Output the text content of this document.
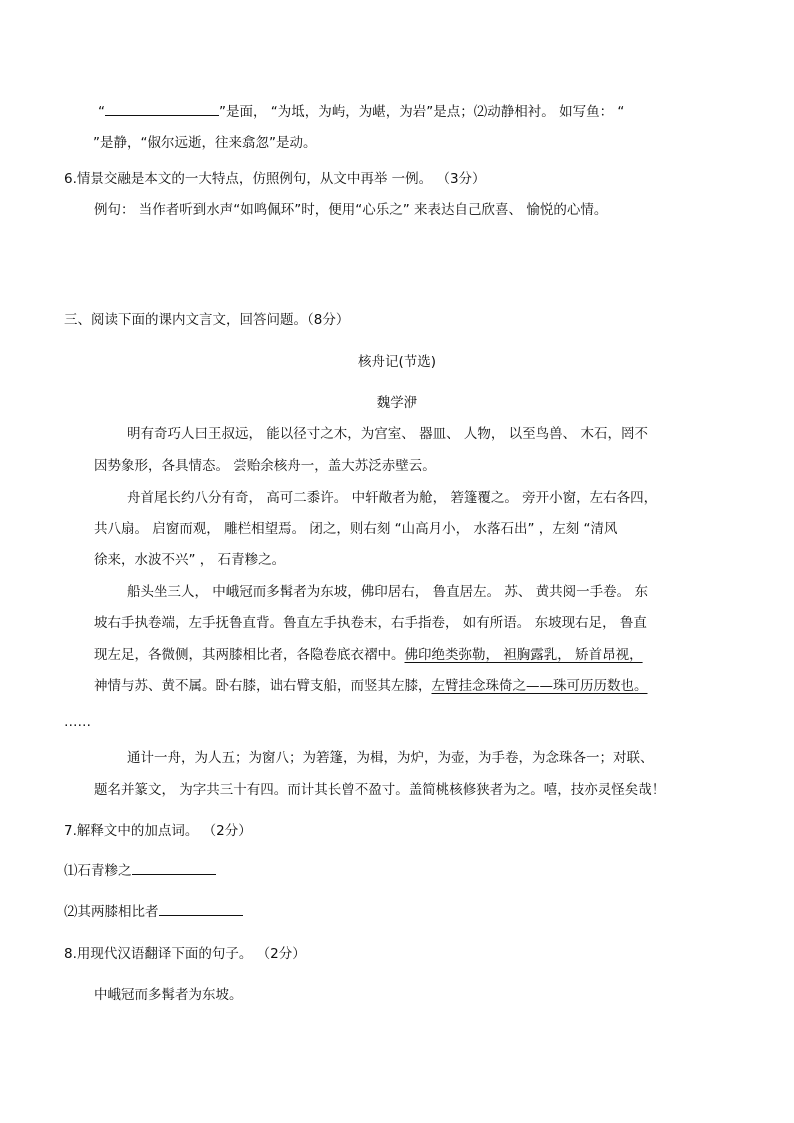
“	”是面， “为坻，为屿，为嵁，为岩”是点；⑵动静相衬。 如写鱼： “
”是静，“俶尔远逝，往来翕忽”是动。
6.情景交融是本文的一大特点，仿照例句，从文中再举 一例。 （3分）
例句： 当作者听到水声“如鸣佩环”时，便用“心乐之” 来表达自己欣喜、 愉悦的心情。
三、阅读下面的课内文言文，回答问题。（8分）
核舟记(节选)
魏学洢
明有奇巧人曰王叔远， 能以径寸之木，为宫室、 器皿、 人物， 以至鸟兽、 木石，罔不
因势象形，各具情态。 尝贻余核舟一，盖大苏泛赤壁云。
舟首尾长约八分有奇， 高可二黍许。 中轩敞者为舱， 箬篷覆之。 旁开小窗，左右各四，
共八扇。 启窗而观， 雕栏相望焉。 闭之，则右刻 “山高月小， 水落石出” ，左刻 “清风
徐来，水波不兴” ， 石青糁之。
船头坐三人， 中峨冠而多髯者为东坡，佛印居右， 鲁直居左。 苏、 黄共阅一手卷。 东
坡右手执卷端，左手抚鲁直背。鲁直左手执卷末，右手指卷， 如有所语。 东坡现右足， 鲁直
现左足，各微侧，其两膝相比者，各隐卷底衣褶中。佛印绝类弥勒， 袒胸露乳， 矫首昂视，
神情与苏、黄不属。卧右膝，诎右臂支船，而竖其左膝，左臂挂念珠倚之——珠可历历数也。
……
通计一舟，为人五；为窗八；为箬篷，为楫，为炉，为壶，为手卷，为念珠各一；对联、
题名并篆文， 为字共三十有四。而计其长曾不盈寸。盖简桃核修狭者为之。嘻，技亦灵怪矣哉！
7.解释文中的加点词。 （2分）
⑴石青糁之
⑵其两膝相比者
8.用现代汉语翻译下面的句子。 （2分）
中峨冠而多髯者为东坡。
